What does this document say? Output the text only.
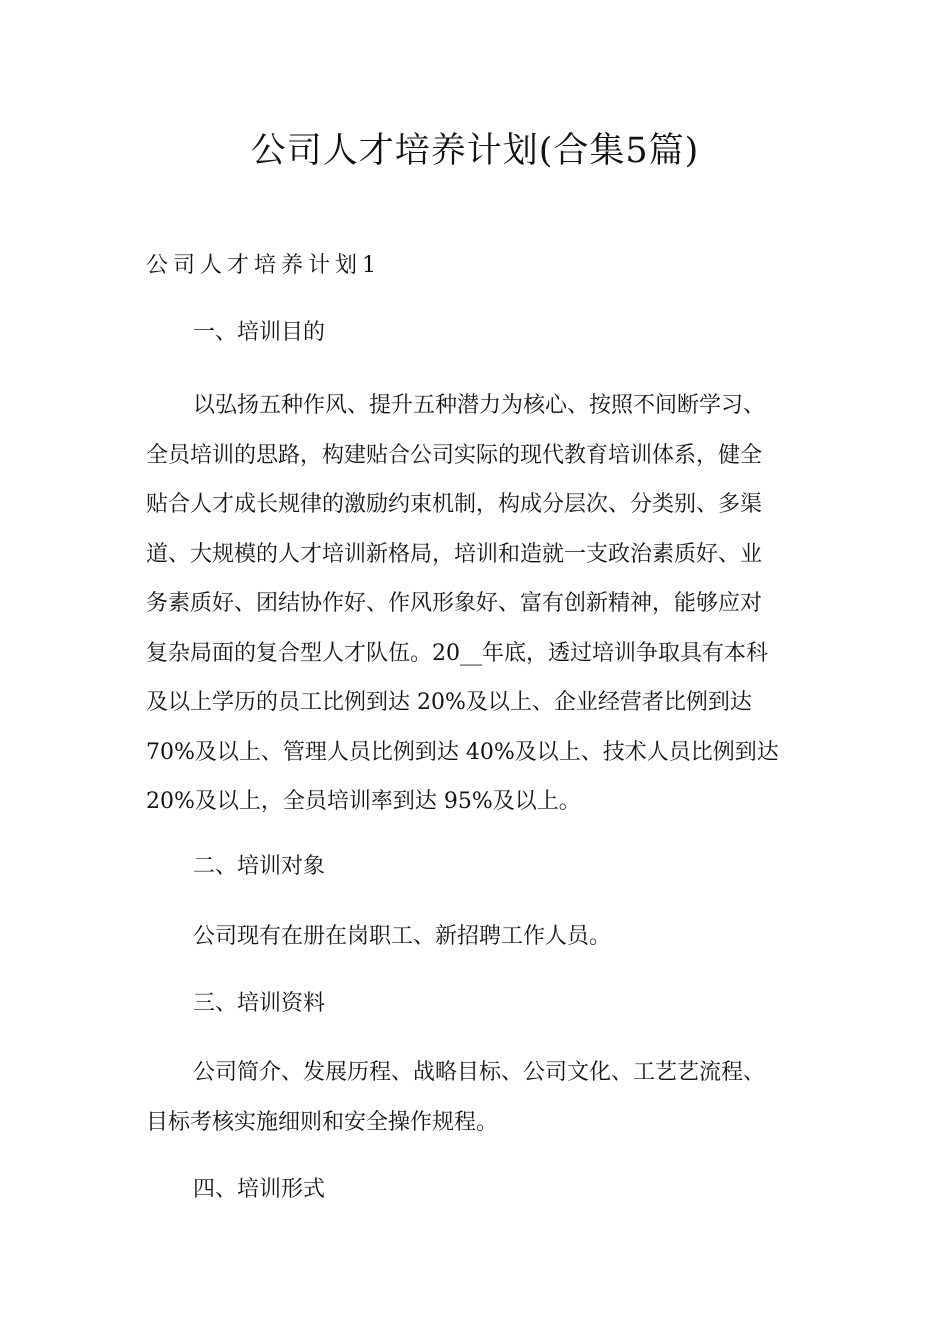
公司人才培养计划(合集5篇)
公司人才培养计划1
一、培训目的
以弘扬五种作风、提升五种潜力为核心、按照不间断学习、
全员培训的思路，构建贴合公司实际的现代教育培训体系，健全
贴合人才成长规律的激励约束机制，构成分层次、分类别、多渠
道、大规模的人才培训新格局，培训和造就一支政治素质好、业
务素质好、团结协作好、作风形象好、富有创新精神，能够应对
复杂局面的复合型人才队伍。20__年底，透过培训争取具有本科
及以上学历的员工比例到达 20%及以上、企业经营者比例到达
70%及以上、管理人员比例到达 40%及以上、技术人员比例到达
20%及以上，全员培训率到达 95%及以上。
二、培训对象
公司现有在册在岗职工、新招聘工作人员。
三、培训资料
公司简介、发展历程、战略目标、公司文化、工艺艺流程、
目标考核实施细则和安全操作规程。
四、培训形式
